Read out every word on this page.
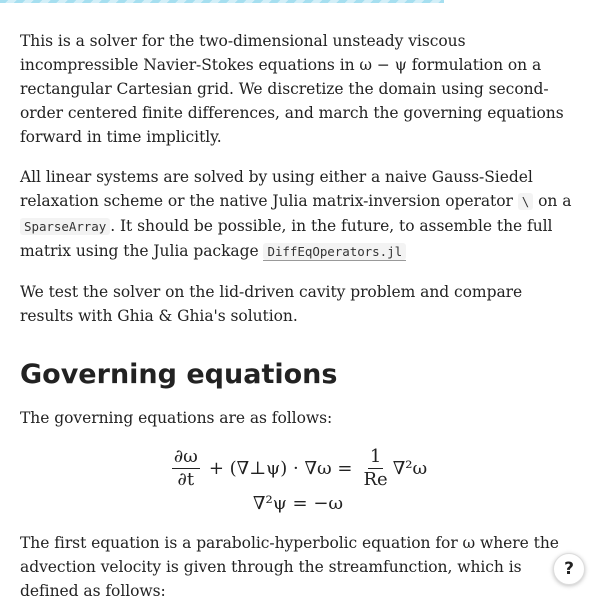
This is a solver for the two-dimensional unsteady viscous incompressible Navier-Stokes equations in ω − ψ formulation on a rectangular Cartesian grid. We discretize the domain using second-order centered finite differences, and march the governing equations forward in time implicitly.

All linear systems are solved by using either a naive Gauss-Siedel relaxation scheme or the native Julia matrix-inversion operator \ on a SparseArray . It should be possible, in the future, to assemble the full matrix using the Julia package DiffEqOperators.jl

We test the solver on the lid-driven cavity problem and compare results with Ghia & Ghia's solution.

Governing equations

The governing equations are as follows:

$\frac{\partial\omega}{\partial t}$ + (∇⊥ψ) · $\nabla\omega = \frac{1}{Re} \nabla^2\omega$
∇²ψ = −ω

The first equation is a parabolic-hyperbolic equation for ω where the advection velocity is given through the streamfunction, which is defined as follows:

?
